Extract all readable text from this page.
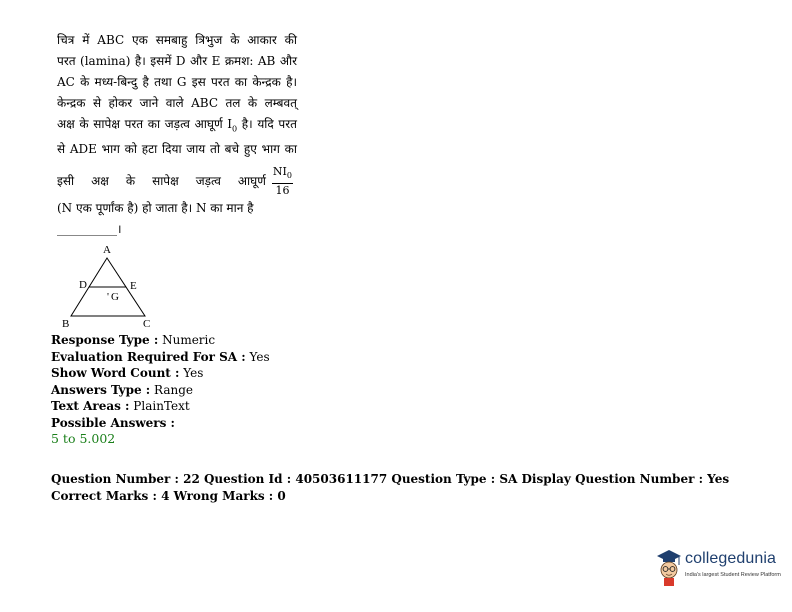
चित्र में ABC एक समबाहु त्रिभुज के आकार की
परत (lamina) है। इसमें D और E क्रमश: AB और
AC के मध्य-बिन्दु है तथा G इस परत का केन्द्रक है।
केन्द्रक से होकर जाने वाले ABC तल के लम्बवत्
अक्ष के सापेक्ष परत का जड़त्व आघूर्ण $I_0$ है। यदि परत
से ADE भाग को हटा दिया जाय तो बचे हुए भाग का
इसी अक्ष के सापेक्ष जड़त्व आघूर्ण $\frac{NI_0}{16}$
(N एक पूर्णांक है) हो जाता है। N का मान है
__________।
A
D	E
' G
B	C
Response Type : Numeric
Evaluation Required For SA : Yes
Show Word Count : Yes
Answers Type : Range
Text Areas : PlainText
Possible Answers :
5 to 5.002
Question Number : 22 Question Id : 40503611177 Question Type : SA Display Question Number : Yes
Correct Marks : 4 Wrong Marks : 0
collegedunia
India's largest Student Review Platform
